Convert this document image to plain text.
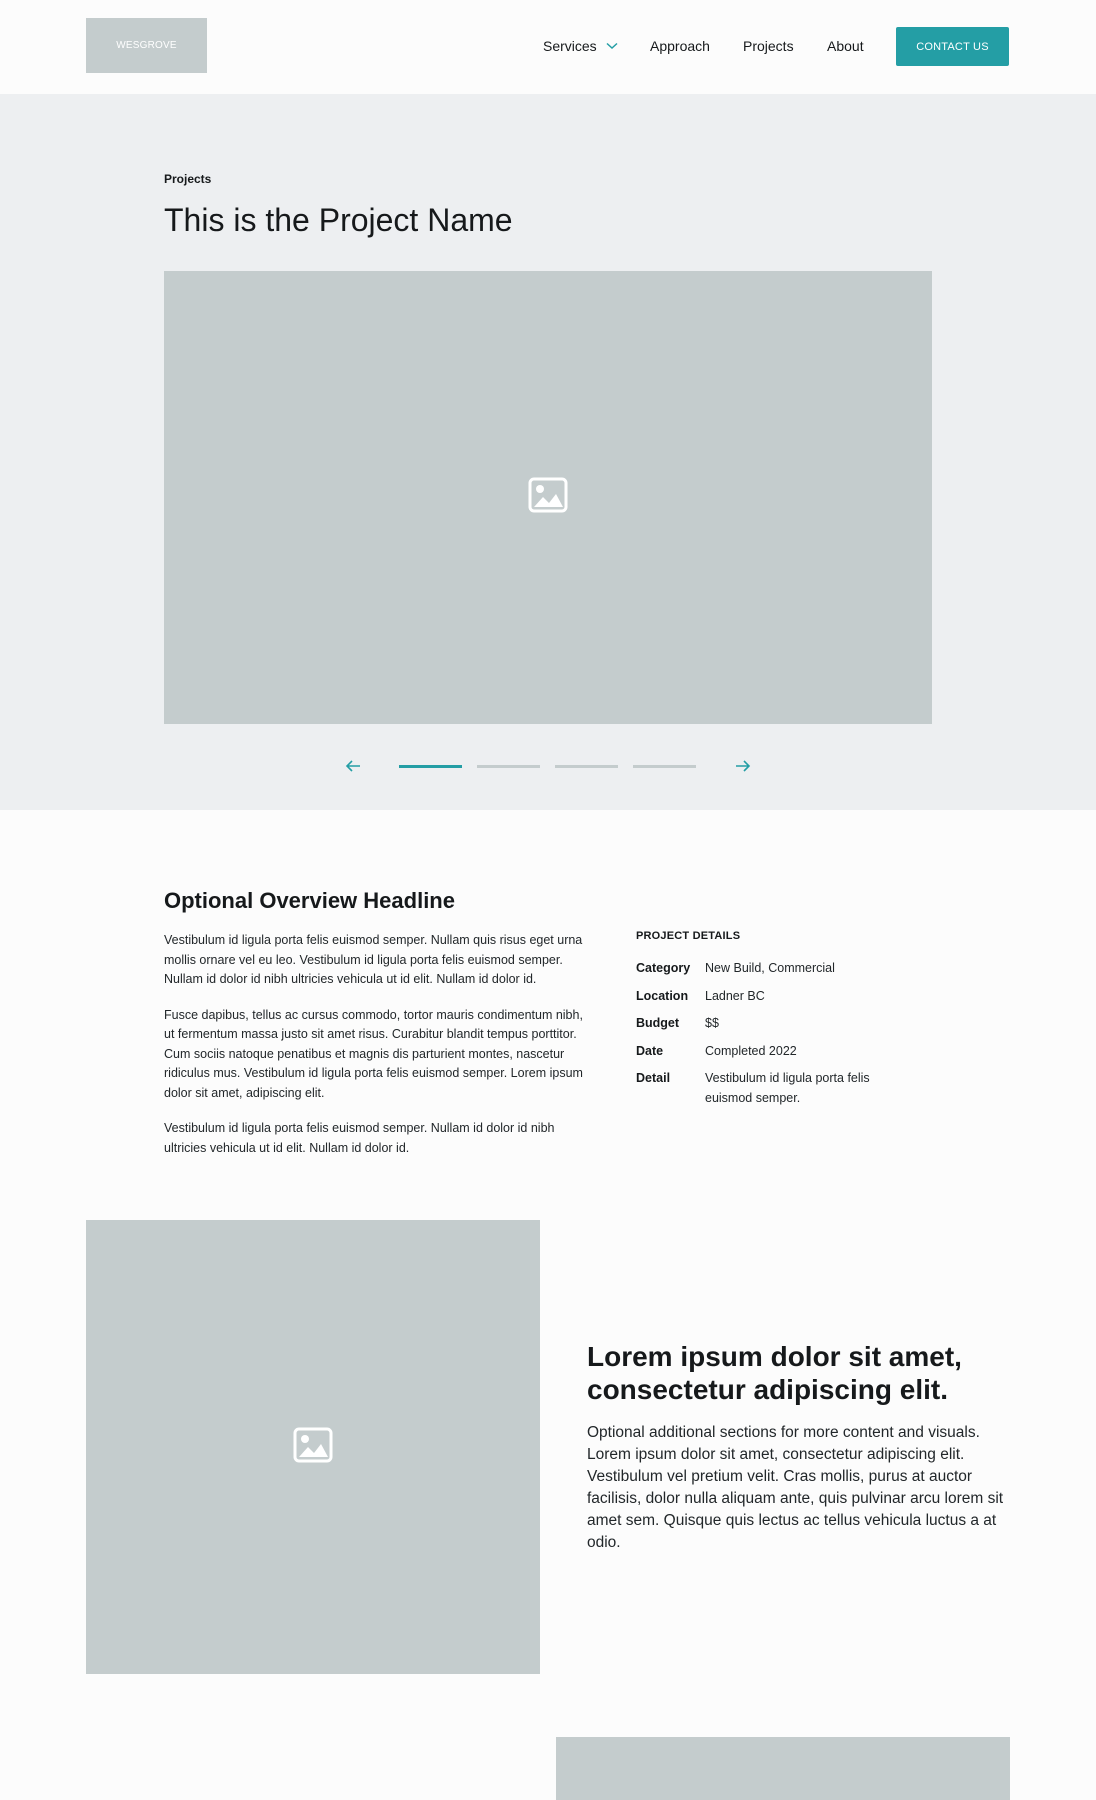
WESGROVE	Services	Approach Projects About	CONTACT US
Projects
This is the Project Name
Optional Overview Headline

Vestibulum id ligula porta felis euismod semper. Nullam quis risus eget urna mollis ornare vel eu leo. Vestibulum id ligula porta felis euismod semper. Nullam id dolor id nibh ultricies vehicula ut id elit. Nullam id dolor id.

Fusce dapibus, tellus ac cursus commodo, tortor mauris condimentum nibh, ut fermentum massa justo sit amet risus. Curabitur blandit tempus porttitor. Cum sociis natoque penatibus et magnis dis parturient montes, nascetur ridiculus mus. Vestibulum id ligula porta felis euismod semper. Lorem ipsum dolor sit amet, adipiscing elit.

Vestibulum id ligula porta felis euismod semper. Nullam id dolor id nibh ultricies vehicula ut id elit. Nullam id dolor id.

PROJECT DETAILS
Category	New Build, Commercial
Location	Ladner BC
Budget	$$
Date	Completed 2022
Detail	Vestibulum id ligula porta felis euismod semper.
Lorem ipsum dolor sit amet, consectetur adipiscing elit.

Optional additional sections for more content and visuals. Lorem ipsum dolor sit amet, consectetur adipiscing elit. Vestibulum vel pretium velit. Cras mollis, purus at auctor facilisis, dolor nulla aliquam ante, quis pulvinar arcu lorem sit amet sem. Quisque quis lectus ac tellus vehicula luctus a at odio.
